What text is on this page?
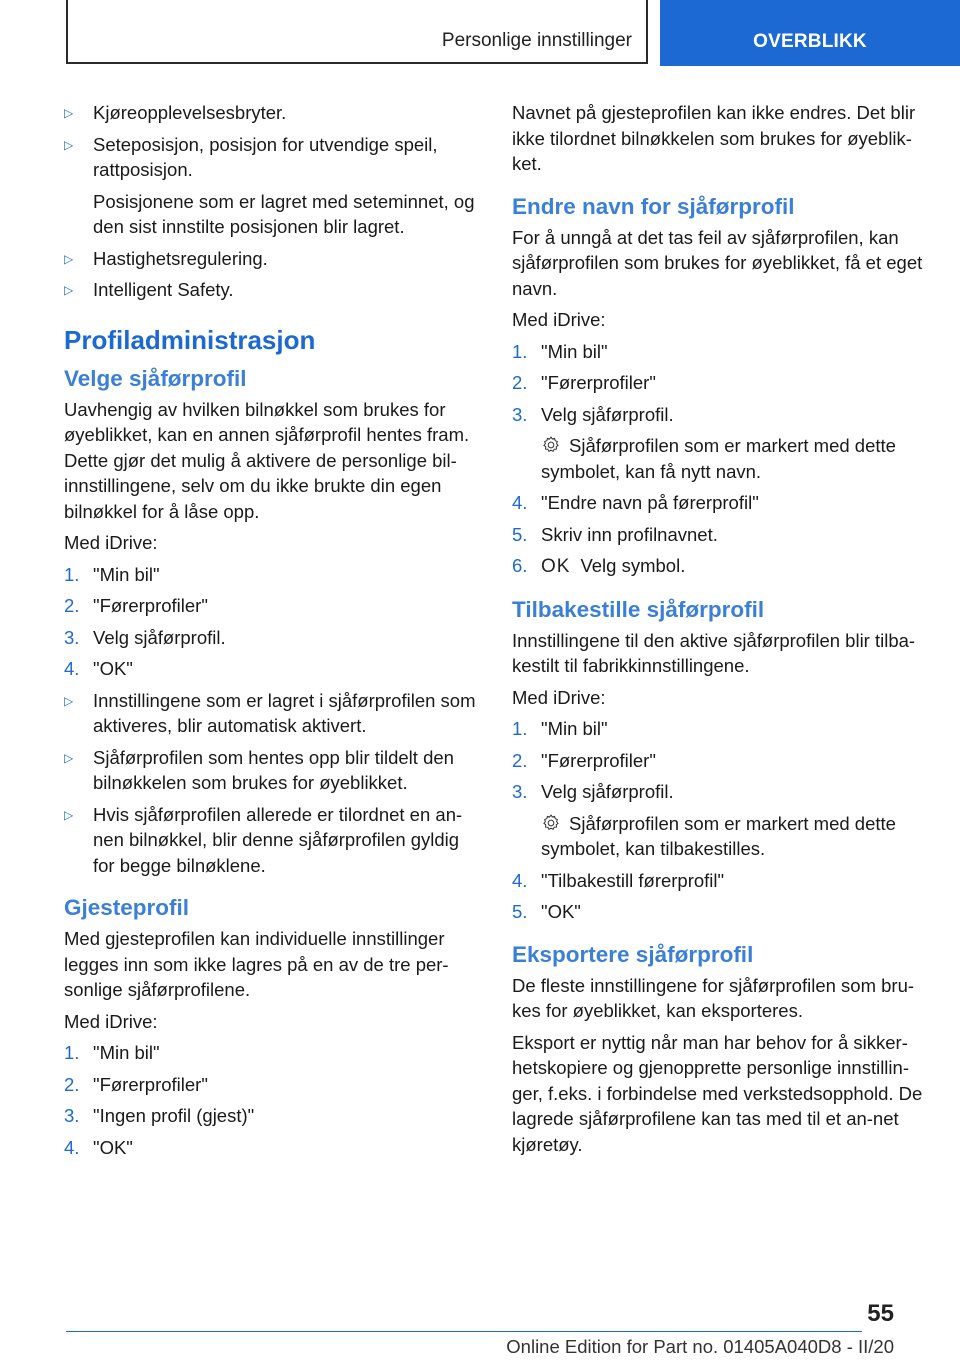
Personlige innstillinger	OVERBLIKK
▷ Kjøreopplevelsesbryter.
▷ Seteposisjon, posisjon for utvendige speil, rattposisjon.

Posisjonene som er lagret med seteminnet, og den sist innstilte posisjonen blir lagret.

▷ Hastighetsregulering.
▷ Intelligent Safety.
Profiladministrasjon
Velge sjåførprofil

Uavhengig av hvilken bilnøkkel som brukes for øyeblikket, kan en annen sjåførprofil hentes fram. Dette gjør det mulig å aktivere de personlige bil-innstillingene, selv om du ikke brukte din egen bilnøkkel for å låse opp.

Med iDrive:

1. "Min bil"
2. "Førerprofiler"
3. Velg sjåførprofil.
4. "OK"
▷ Innstillingene som er lagret i sjåførprofilen som aktiveres, blir automatisk aktivert.
▷ Sjåførprofilen som hentes opp blir tildelt den bilnøkkelen som brukes for øyeblikket.
▷ Hvis sjåførprofilen allerede er tilordnet en an-nen bilnøkkel, blir denne sjåførprofilen gyldig for begge bilnøklene.
Gjesteprofil

Med gjesteprofilen kan individuelle innstillinger legges inn som ikke lagres på en av de tre per-sonlige sjåførprofilene.

Med iDrive:

1. "Min bil"
2. "Førerprofiler"
3. "Ingen profil (gjest)"
4. "OK"

Navnet på gjesteprofilen kan ikke endres. Det blir ikke tilordnet bilnøkkelen som brukes for øyeblik-ket.

Endre navn for sjåførprofil

For å unngå at det tas feil av sjåførprofilen, kan sjåførprofilen som brukes for øyeblikket, få et eget navn.

Med iDrive:

1. "Min bil"
2. "Førerprofiler"
3. Velg sjåførprofil.

Sjåførprofilen som er markert med dette symbolet, kan få nytt navn.

4. "Endre navn på førerprofil"
5. Skriv inn profilnavnet.
6. OK Velg symbol.
Tilbakestille sjåførprofil

Innstillingene til den aktive sjåførprofilen blir tilba-kestilt til fabrikkinnstillingene.

Med iDrive:

1. "Min bil"
2. "Førerprofiler"
3. Velg sjåførprofil.

Sjåførprofilen som er markert med dette symbolet, kan tilbakestilles.

4. "Tilbakestill førerprofil"
5. "OK"
Eksportere sjåførprofil

De fleste innstillingene for sjåførprofilen som bru-kes for øyeblikket, kan eksporteres.

Eksport er nyttig når man har behov for å sikker-hetskopiere og gjenopprette personlige innstillin-ger, f.eks. i forbindelse med verkstedsopphold. De lagrede sjåførprofilene kan tas med til et an-net kjøretøy.

55
Online Edition for Part no. 01405A040D8 - II/20
